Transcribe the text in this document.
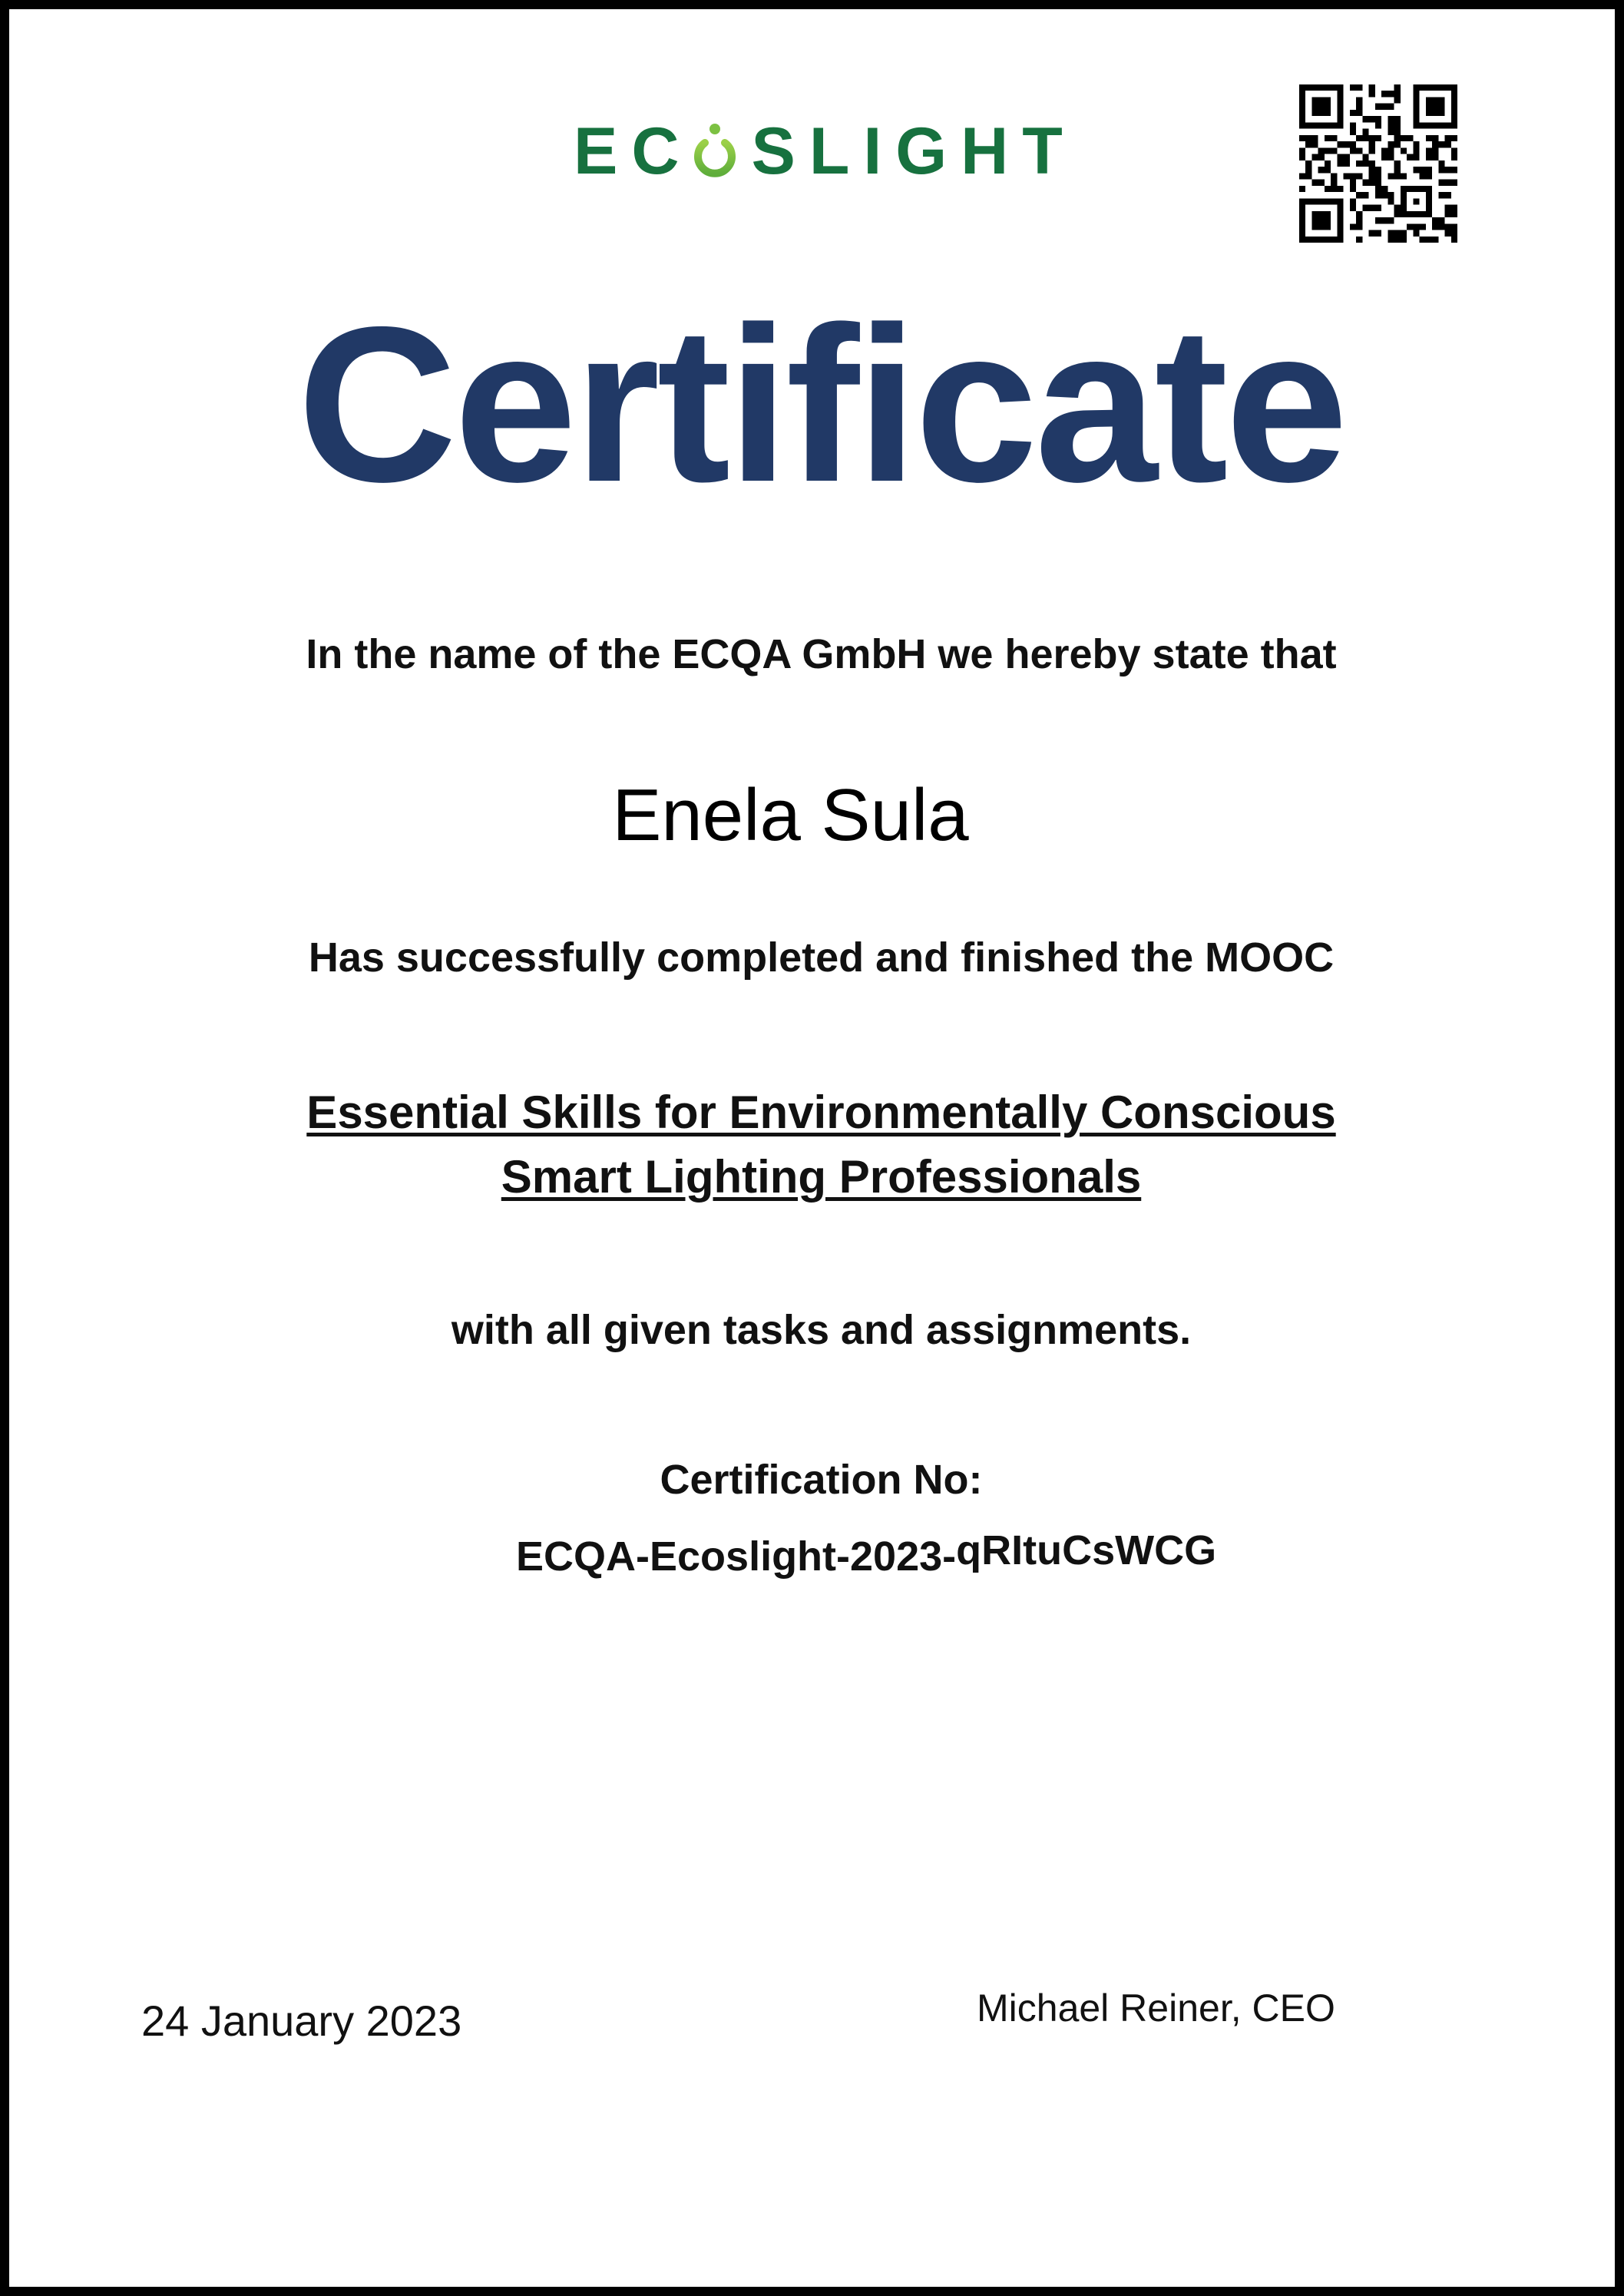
EC SLIGHT
Certificate
In the name of the ECQA GmbH we hereby state that
Enela Sula
Has successfully completed and finished the MOOC
Essential Skills for Environmentally Conscious
Smart Lighting Professionals
with all given tasks and assignments.
Certification No:
ECQA-Ecoslight-2023-qRItuCsWCG
24 January 2023	Michael Reiner, CEO
